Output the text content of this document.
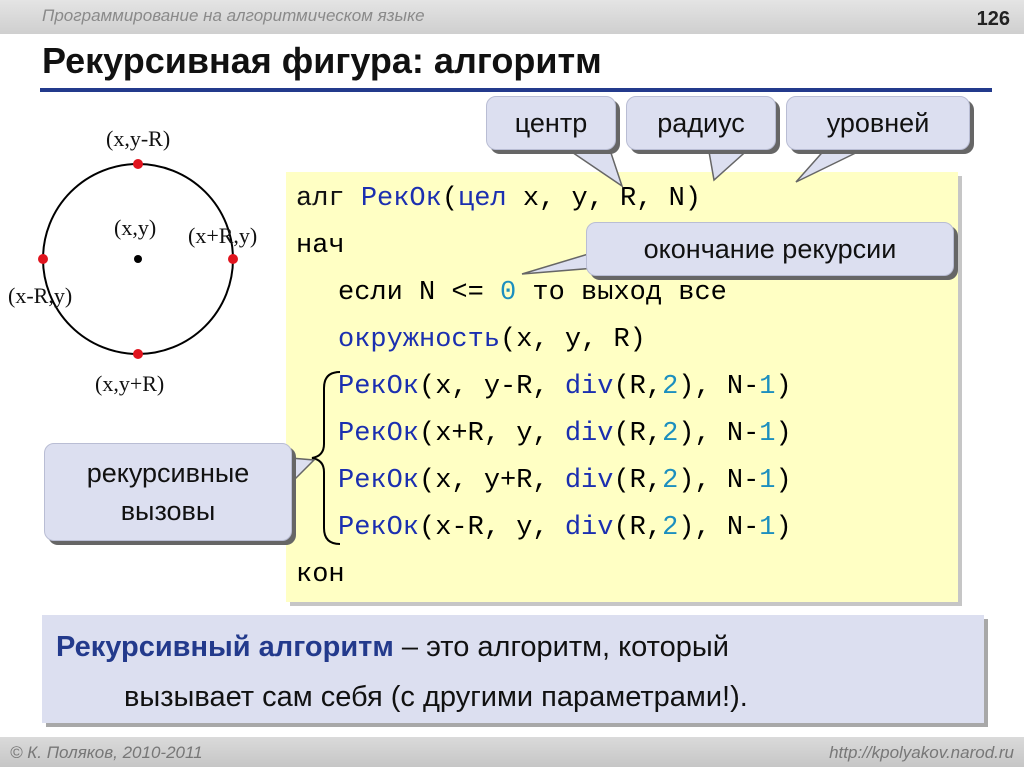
Программирование на алгоритмическом языке	126
Рекурсивная фигура: алгоритм
алг РекОк(цел x, y, R, N)
нач
если N <= 0 то выход все
окружность(x, y, R)
РекОк(x, y-R, div(R,2), N-1)
РекОк(x+R, y, div(R,2), N-1)
РекОк(x, y+R, div(R,2), N-1)
РекОк(x-R, y, div(R,2), N-1)
кон
(x,y-R)
(x,y) (x+R,y)
(x-R,y)
(x,y+R)
центр	радиус	уровней
окончание рекурсии
рекурсивные
вызовы
Рекурсивный алгоритм – это алгоритм, который
вызывает сам себя (с другими параметрами!).
© К. Поляков, 2010-2011	http://kpolyakov.narod.ru
